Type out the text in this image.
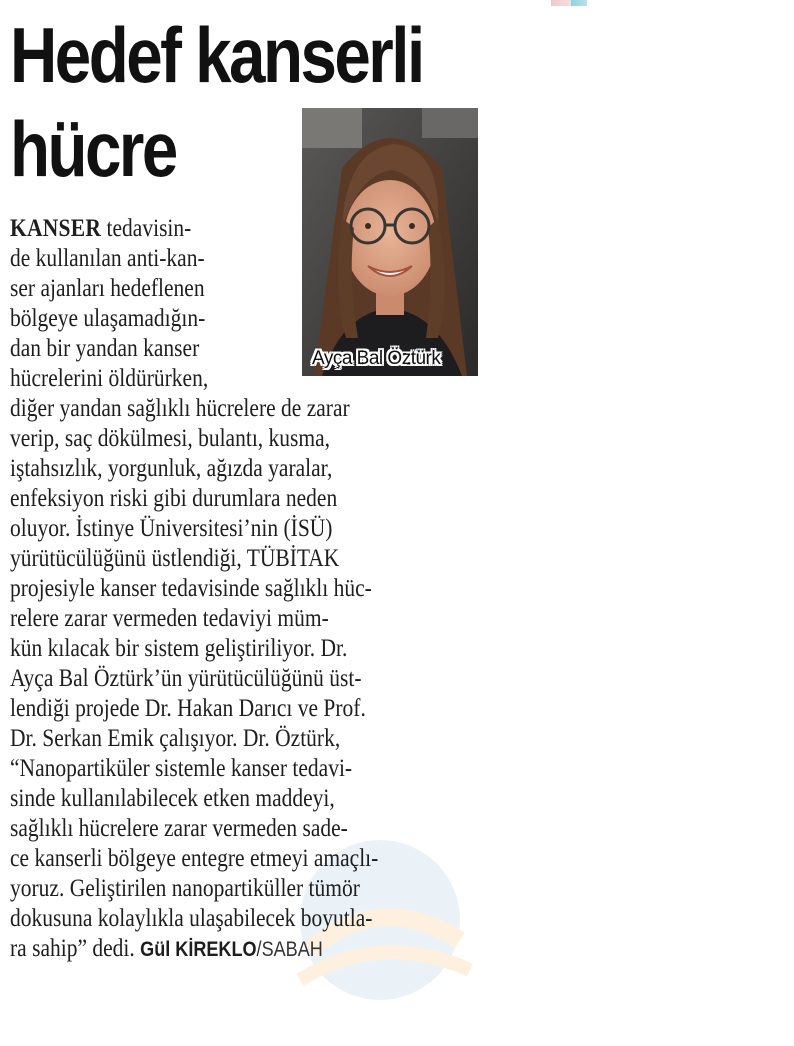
Hedef kanserli
hücre
Ayça Bal Öztürk

KANSER tedavisin-

de kullanılan anti-kan-

ser ajanları hedeflenen

bölgeye ulaşamadığın-

dan bir yandan kanser

hücrelerini öldürürken,

diğer yandan sağlıklı hücrelere de zarar

verip, saç dökülmesi, bulantı, kusma,

iştahsızlık, yorgunluk, ağızda yaralar,

enfeksiyon riski gibi durumlara neden

oluyor. İstinye Üniversitesi’nin (İSÜ)

yürütücülüğünü üstlendiği, TÜBİTAK

projesiyle kanser tedavisinde sağlıklı hüc-

relere zarar vermeden tedaviyi müm-

kün kılacak bir sistem geliştiriliyor. Dr.

Ayça Bal Öztürk’ün yürütücülüğünü üst-

lendiği projede Dr. Hakan Darıcı ve Prof.

Dr. Serkan Emik çalışıyor. Dr. Öztürk,

“Nanopartiküler sistemle kanser tedavi-

sinde kullanılabilecek etken maddeyi,

sağlıklı hücrelere zarar vermeden sade-

ce kanserli bölgeye entegre etmeyi amaçlı-

yoruz. Geliştirilen nanopartiküller tümör

dokusuna kolaylıkla ulaşabilecek boyutla-

ra sahip” dedi. Gül KİREKLO/SABAH
